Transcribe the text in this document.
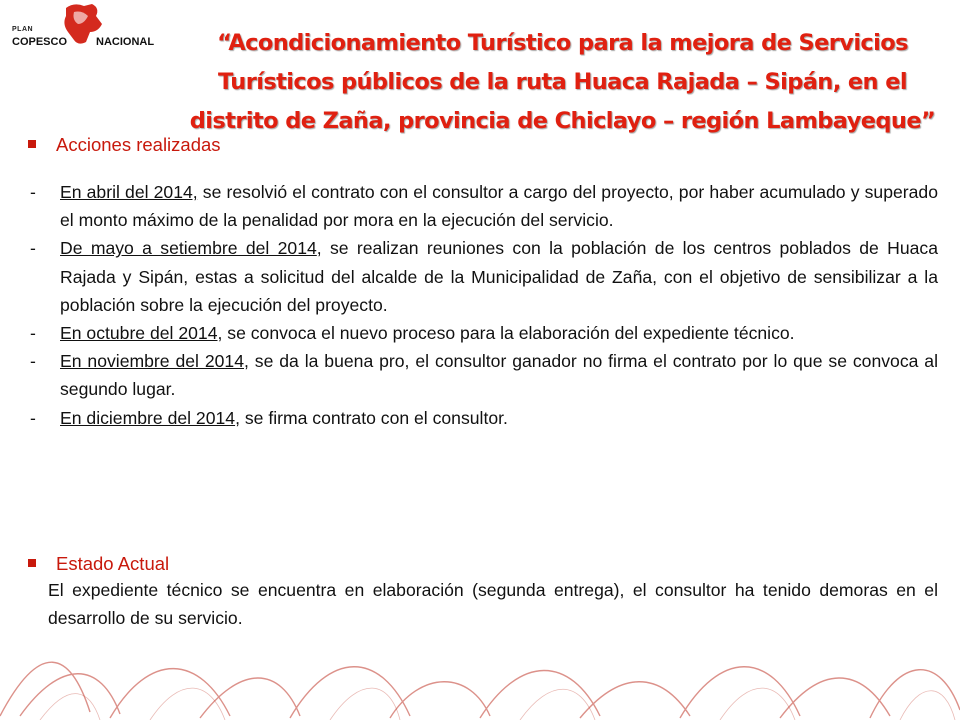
PLAN
COPESCO	NACIONAL	“Acondicionamiento Turístico para la mejora de Servicios
Turísticos públicos de la ruta Huaca Rajada – Sipán, en el
distrito de Zaña, provincia de Chiclayo – región Lambayeque”
Acciones realizadas
- En abril del 2014, se resolvió el contrato con el consultor a cargo del proyecto, por haber acumulado y superado el monto máximo de la penalidad por mora en la ejecución del servicio.
- De mayo a setiembre del 2014, se realizan reuniones con la población de los centros poblados de Huaca Rajada y Sipán, estas a solicitud del alcalde de la Municipalidad de Zaña, con el objetivo de sensibilizar a la población sobre la ejecución del proyecto.
- En octubre del 2014, se convoca el nuevo proceso para la elaboración del expediente técnico.
- En noviembre del 2014, se da la buena pro, el consultor ganador no firma el contrato por lo que se convoca al segundo lugar.
- En diciembre del 2014, se firma contrato con el consultor.
Estado Actual
El expediente técnico se encuentra en elaboración (segunda entrega), el consultor ha tenido demoras en el desarrollo de su servicio.
